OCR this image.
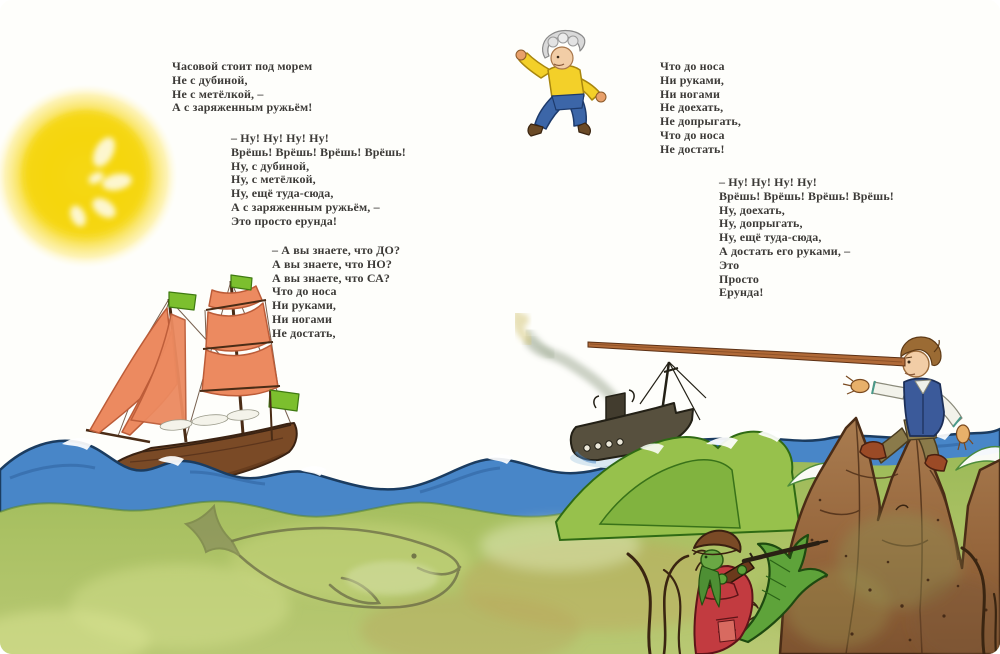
Часовой стоит под морем
Не с дубиной,
Не с метёлкой, –
А с заряженным ружьём!
– Ну! Ну! Ну! Ну!
Врёшь! Врёшь! Врёшь! Врёшь!
Ну, с дубиной,
Ну, с метёлкой,
Ну, ещё туда-сюда,
А с заряженным ружьём, –
Это просто ерунда!
– А вы знаете, что ДО?
А вы знаете, что НО?
А вы знаете, что СА?
Что до носа
Ни руками,
Ни ногами
Не достать,
Что до носа
Ни руками,
Ни ногами
Не доехать,
Не допрыгать,
Что до носа
Не достать!
– Ну! Ну! Ну! Ну!
Врёшь! Врёшь! Врёшь! Врёшь!
Ну, доехать,
Ну, допрыгать,
Ну, ещё туда-сюда,
А достать его руками, –
Это
Просто
Ерунда!
